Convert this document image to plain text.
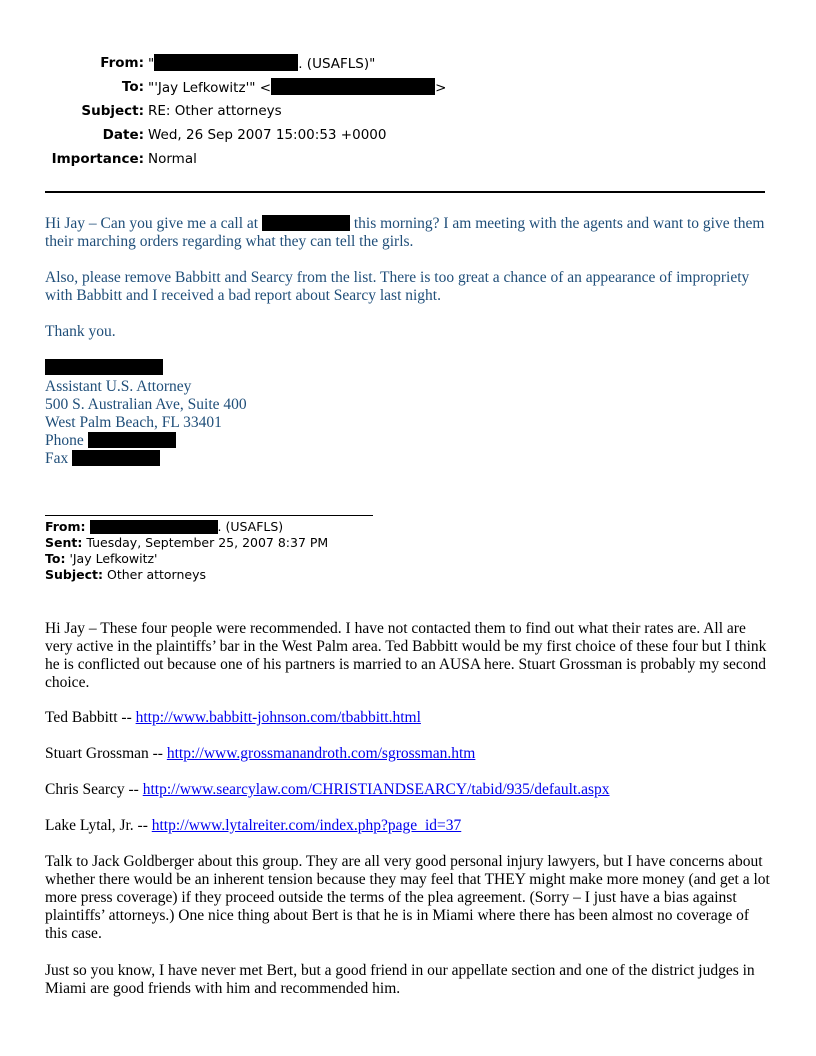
From: "	. (USAFLS)"
To: "'Jay Lefkowitz'" <	>
Subject: RE: Other attorneys
Date: Wed, 26 Sep 2007 15:00:53 +0000
Importance: Normal

Hi Jay – Can you give me a call at	this morning? I am meeting with the agents and want to give them their marching orders regarding what they can tell the girls.

Also, please remove Babbitt and Searcy from the list. There is too great a chance of an appearance of impropriety with Babbitt and I received a bad report about Searcy last night.

Thank you.

Assistant U.S. Attorney
500 S. Australian Ave, Suite 400
West Palm Beach, FL 33401
Phone
Fax
From:	. (USAFLS)
Sent: Tuesday, September 25, 2007 8:37 PM
To: 'Jay Lefkowitz'
Subject: Other attorneys

Hi Jay – These four people were recommended. I have not contacted them to find out what their rates are. All are very active in the plaintiffs’ bar in the West Palm area. Ted Babbitt would be my first choice of these four but I think he is conflicted out because one of his partners is married to an AUSA here. Stuart Grossman is probably my second choice.

Ted Babbitt -- http://www.babbitt-johnson.com/tbabbitt.html
Stuart Grossman -- http://www.grossmanandroth.com/sgrossman.htm
Chris Searcy -- http://www.searcylaw.com/CHRISTIANDSEARCY/tabid/935/default.aspx
Lake Lytal, Jr. -- http://www.lytalreiter.com/index.php?page_id=37

Talk to Jack Goldberger about this group. They are all very good personal injury lawyers, but I have concerns about whether there would be an inherent tension because they may feel that THEY might make more money (and get a lot more press coverage) if they proceed outside the terms of the plea agreement. (Sorry – I just have a bias against plaintiffs’ attorneys.) One nice thing about Bert is that he is in Miami where there has been almost no coverage of this case.

Just so you know, I have never met Bert, but a good friend in our appellate section and one of the district judges in Miami are good friends with him and recommended him.
